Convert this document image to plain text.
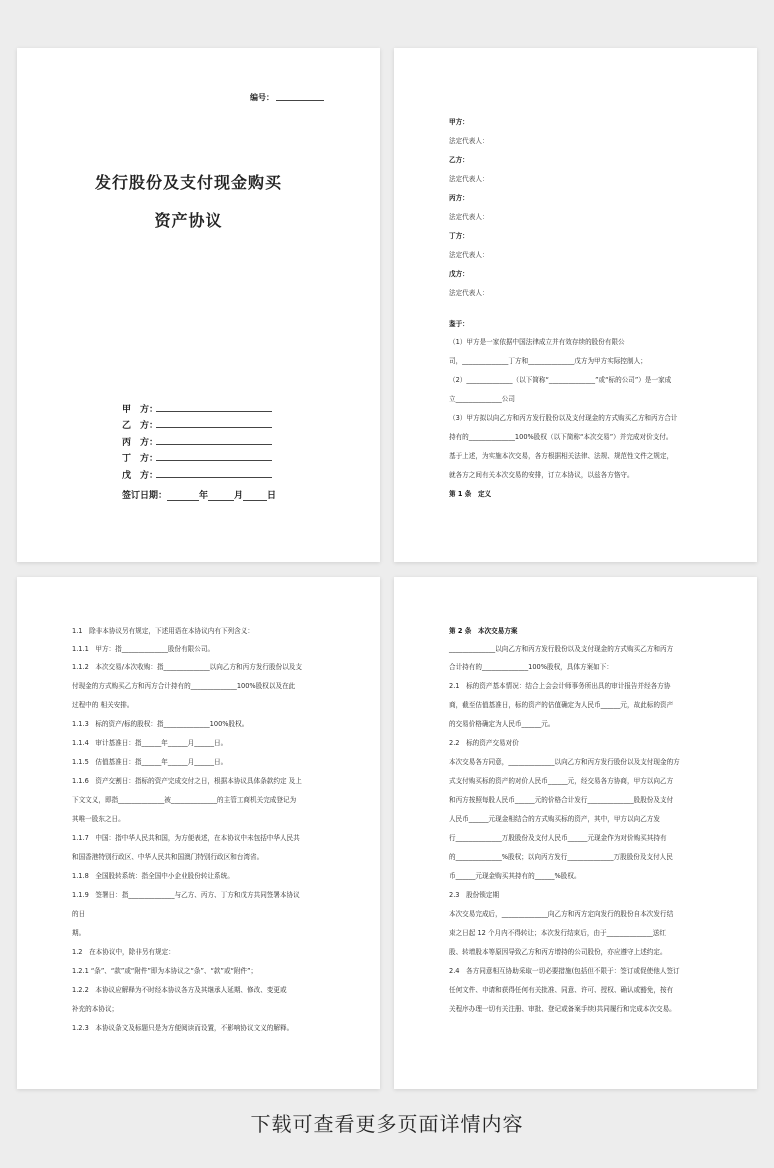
编号：
发行股份及支付现金购买
资产协议
甲　方：
乙　方：
丙　方：
丁　方：
戊　方：
签订日期：	年	月	日
甲方：
法定代表人：
乙方：
法定代表人：
丙方：
法定代表人：
丁方：
法定代表人：
戊方：
法定代表人：
鉴于：
（1）甲方是一家依据中国法律成立并有效存续的股份有限公
司，______________丁方和______________戊方为甲方实际控制人；
（2）______________（以下简称“______________”或“标的公司”）是一家成
立______________公司
（3）甲方拟以向乙方和丙方发行股份以及支付现金的方式购买乙方和丙方合计
持有的______________100%股权（以下简称“本次交易”）并完成对价支付。
基于上述，为实施本次交易，各方根据相关法律、法规、规范性文件之规定，
就各方之间有关本次交易的安排，订立本协议，以兹各方恪守。
第 1 条　定义
1.1　除非本协议另有规定，下述用语在本协议内有下列含义：
1.1.1　甲方：指______________股份有限公司。
1.1.2　本次交易/本次收购：指______________以向乙方和丙方发行股份以及支
付现金的方式购买乙方和丙方合计持有的______________100%股权以及在此
过程中的 相关安排。
1.1.3　标的资产/标的股权：指______________100%股权。
1.1.4　审计基准日：指______年______月______日。
1.1.5　估值基准日：指______年______月______日。
1.1.6　资产交割日：指标的资产完成交付之日，根据本协议具体条款约定 及上
下文文义，即指______________被______________的主管工商机关完成登记为
其唯一股东之日。
1.1.7　中国：指中华人民共和国，为方便表述，在本协议中未包括中华人民共
和国香港特别行政区、中华人民共和国澳门特别行政区和台湾省。
1.1.8　全国股转系统：指全国中小企业股份转让系统。
1.1.9　签署日：指______________与乙方、丙方、丁方和戊方共同签署本协议
的日
期。
1.2　在本协议中，除非另有规定：
1.2.1 “条”、“款”或“附件”即为本协议之“条”、“款”或“附件”；
1.2.2　本协议应解释为不时经本协议各方及其继承人延期、修改、变更或
补充的本协议；
1.2.3　本协议条文及标题只是为方便阅读而设置，不影响协议文义的解释。
第 2 条　本次交易方案
______________以向乙方和丙方发行股份以及支付现金的方式购买乙方和丙方
合计持有的______________100%股权，具体方案如下：
2.1　标的资产基本情况：结合上会会计师事务所出具的审计报告并经各方协
商，截至估值基准日，标的资产的估值确定为人民币______元，故此标的资产
的交易价格确定为人民币______元。
2.2　标的资产交易对价
本次交易各方同意，______________以向乙方和丙方发行股份以及支付现金的方
式支付购买标的资产的对价人民币______元，经交易各方协商，甲方以向乙方
和丙方按照每股人民币______元的价格合计发行______________股股份及支付
人民币______元现金相结合的方式购买标的资产，其中，甲方以向乙方发
行______________万股股份及支付人民币______元现金作为对价购买其持有
的______________%股权；以向丙方发行______________万股股份及支付人民
币______元现金购买其持有的______%股权。
2.3　股份锁定期
本次交易完成后，______________向乙方和丙方定向发行的股份自本次发行结
束之日起 12 个月内不得转让；本次发行结束后，由于______________送红
股、转增股本等原因导致乙方和丙方增持的公司股份，亦应遵守上述约定。
2.4　各方同意相互协助采取一切必要措施(包括但不限于：签订或促使他人签订
任何文件、申请和获得任何有关批准、同意、许可、授权、确认或豁免，按有
关程序办理一切有关注册、审批、登记或备案手续)共同履行和完成本次交易。
下载可查看更多页面详情内容
